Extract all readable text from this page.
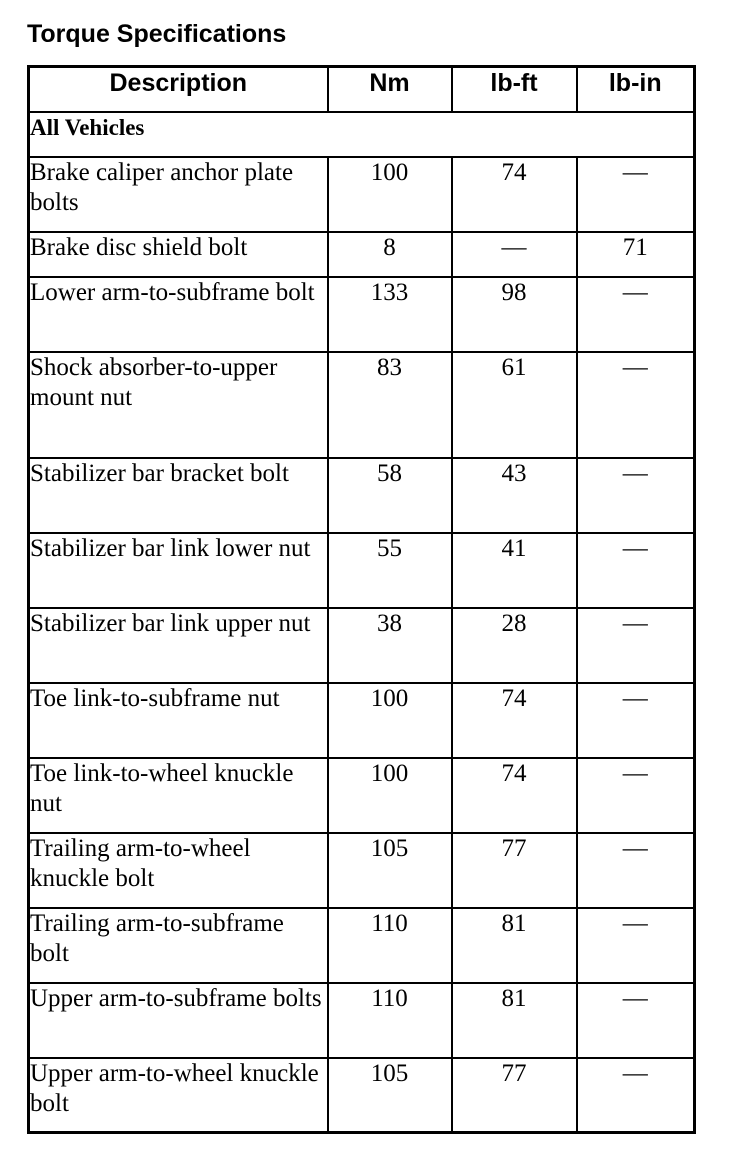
Torque Specifications
Description	Nm	lb-ft	lb-in
All Vehicles			
Brake caliper anchor plate bolts	100	74	—
Brake disc shield bolt	8	—	71
Lower arm-to-subframe bolt	133	98	—
Shock absorber-to-upper mount nut	83	61	—
Stabilizer bar bracket bolt	58	43	—
Stabilizer bar link lower nut	55	41	—
Stabilizer bar link upper nut	38	28	—
Toe link-to-subframe nut	100	74	—
Toe link-to-wheel knuckle nut	100	74	—
Trailing arm-to-wheel knuckle bolt	105	77	—
Trailing arm-to-subframe bolt	110	81	—
Upper arm-to-subframe bolts	110	81	—
Upper arm-to-wheel knuckle bolt	105	77	—
